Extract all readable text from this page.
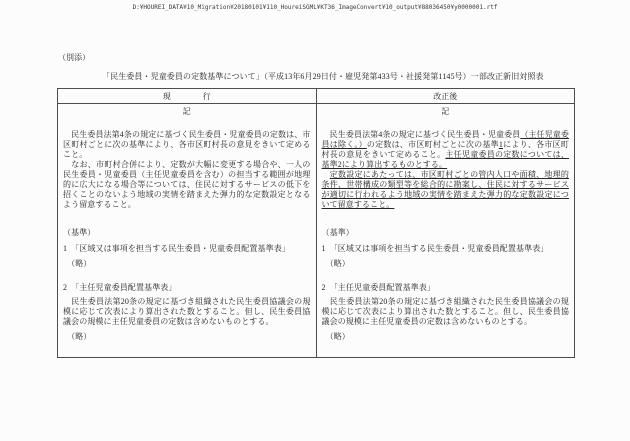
D:¥HOUREI_DATA¥10_Migration¥20180101¥110_HoureiSGML¥KT36_ImageConvert¥10_output¥88036450¥y0000001.rtf
（別添）
「民生委員・児童委員の定数基準について」（平成13年6月29日付・雇児発第433号・社援発第1145号）一部改正新旧対照表
現　　　　行	改正後

記
　民生委員法第4条の規定に基づく民生委員・児童委員の定数は、市区町村ごとに次の基準により、各市区町村長の意見をきいて定めること。
　なお、市町村合併により、定数が大幅に変更する場合や、一人の民生委員・児童委員（主任児童委員を含む）の担当する範囲が地理的に広大になる場合等については、住民に対するサービスの低下を招くことのないよう地域の実情を踏まえた弾力的な定数設定となるよう留意すること。
（基準）
1　「区域又は事項を担当する民生委員・児童委員配置基準表」
　（略）
2　「主任児童委員配置基準表」
　民生委員法第20条の規定に基づき組織された民生委員協議会の規模に応じて次表により算出された数とすること。但し、民生委員協議会の規模に主任児童委員の定数は含めないものとする。
　（略）

記
　民生委員法第4条の規定に基づく民生委員・児童委員（主任児童委員は除く。）の定数は、市区町村ごとに次の基準1により、各市区町村長の意見をきいて定めること。主任児童委員の定数については、基準2により算出するものとする。
　定数設定にあたっては、市区町村ごとの管内人口や面積、地理的条件、世帯構成の類型等を総合的に勘案し、住民に対するサービスが適切に行われるよう地域の実情を踏まえた弾力的な定数設定について留意すること。
（基準）
1　「区域又は事項を担当する民生委員・児童委員配置基準表」
　（略）
2　「主任児童委員配置基準表」
　民生委員法第20条の規定に基づき組織された民生委員協議会の規模に応じて次表により算出された数とすること。但し、民生委員協議会の規模に主任児童委員の定数は含めないものとする。
　（略）
